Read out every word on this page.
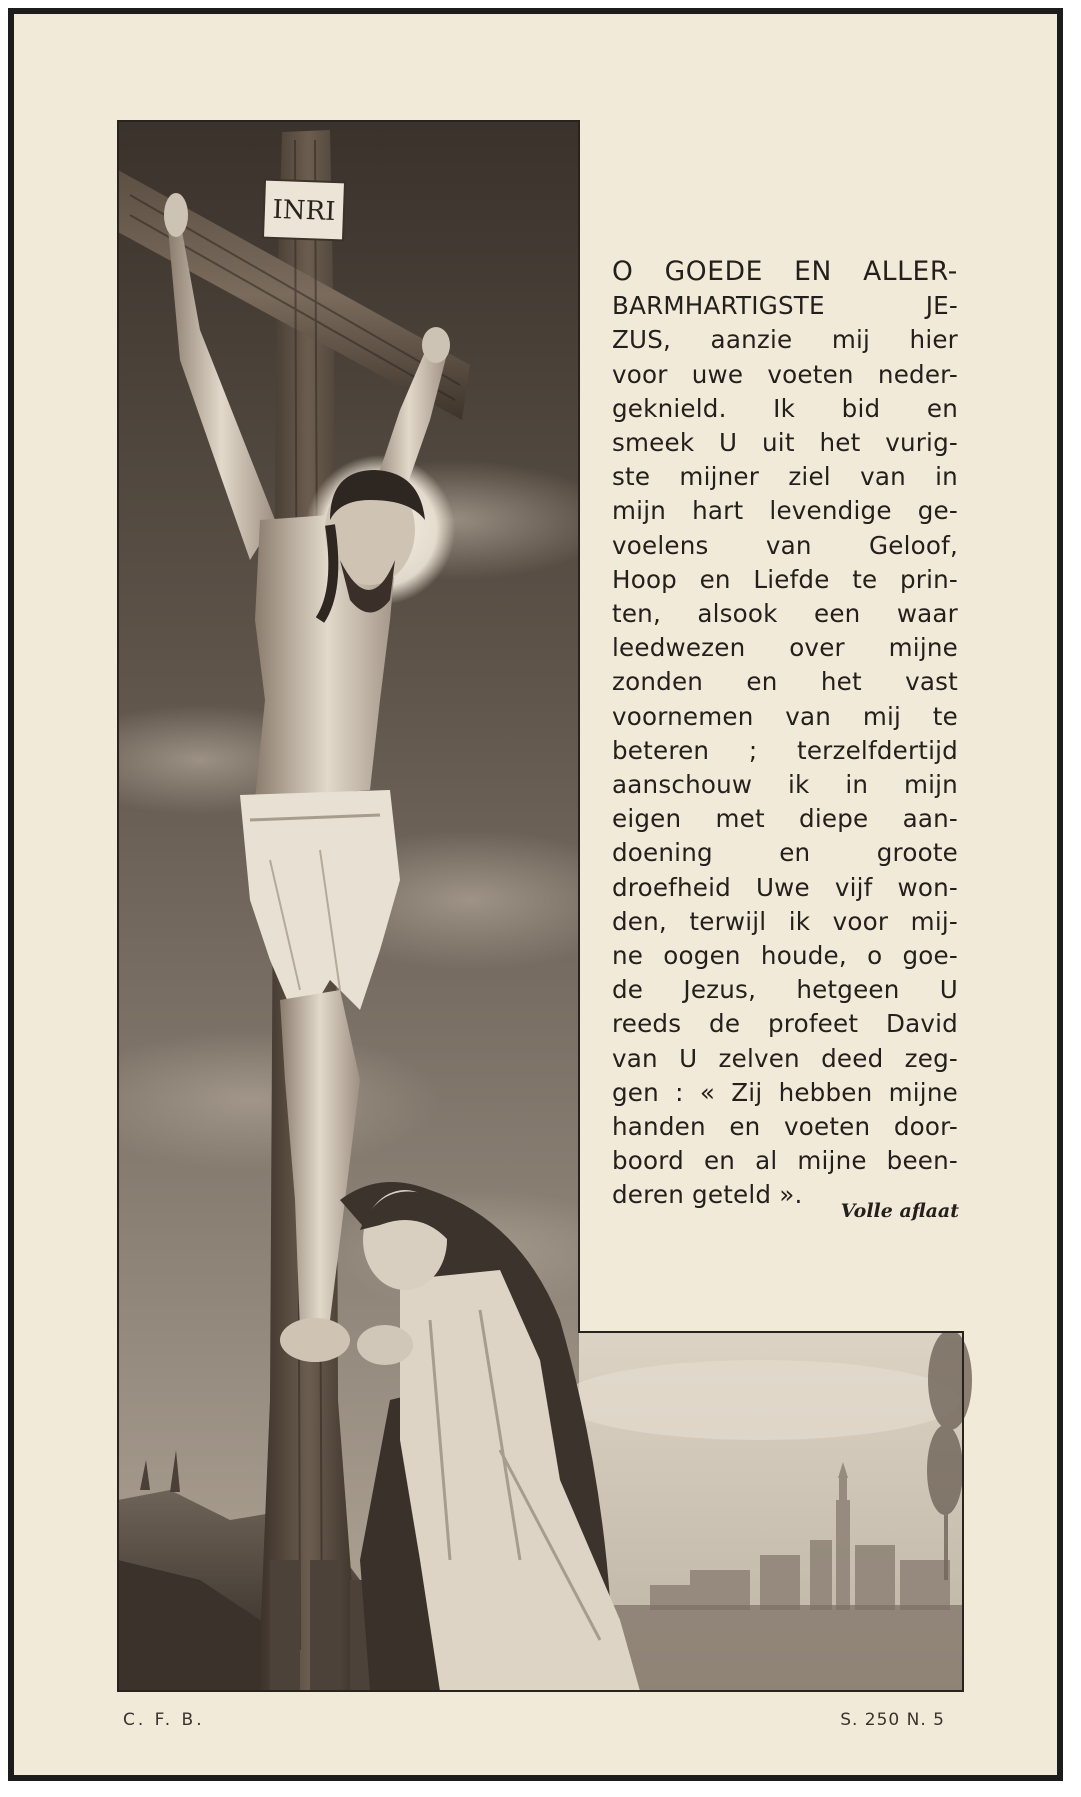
INRI
O GOEDE EN ALLER-
BARMHARTIGSTE	JE-
ZUS, aanzie mij hier
voor uwe voeten neder-
geknield. Ik bid en
smeek U uit het vurig-
ste mijner ziel van in
mijn hart levendige ge-
voelens van Geloof,
Hoop en Liefde te prin-
ten, alsook een waar
leedwezen over mijne
zonden en het vast
voornemen van mij te
beteren ; terzelfdertijd
aanschouw ik in mijn
eigen met diepe aan-
doening	en	groote
droefheid Uwe vijf won-
den, terwijl ik voor mij-
ne oogen houde, o goe-
de Jezus, hetgeen U
reeds de profeet David
van U zelven deed zeg-
gen : « Zij hebben mijne
handen en voeten door-
boord en al mijne been-
deren geteld ».
Volle aflaat
C. F. B.	S. 250 N. 5
